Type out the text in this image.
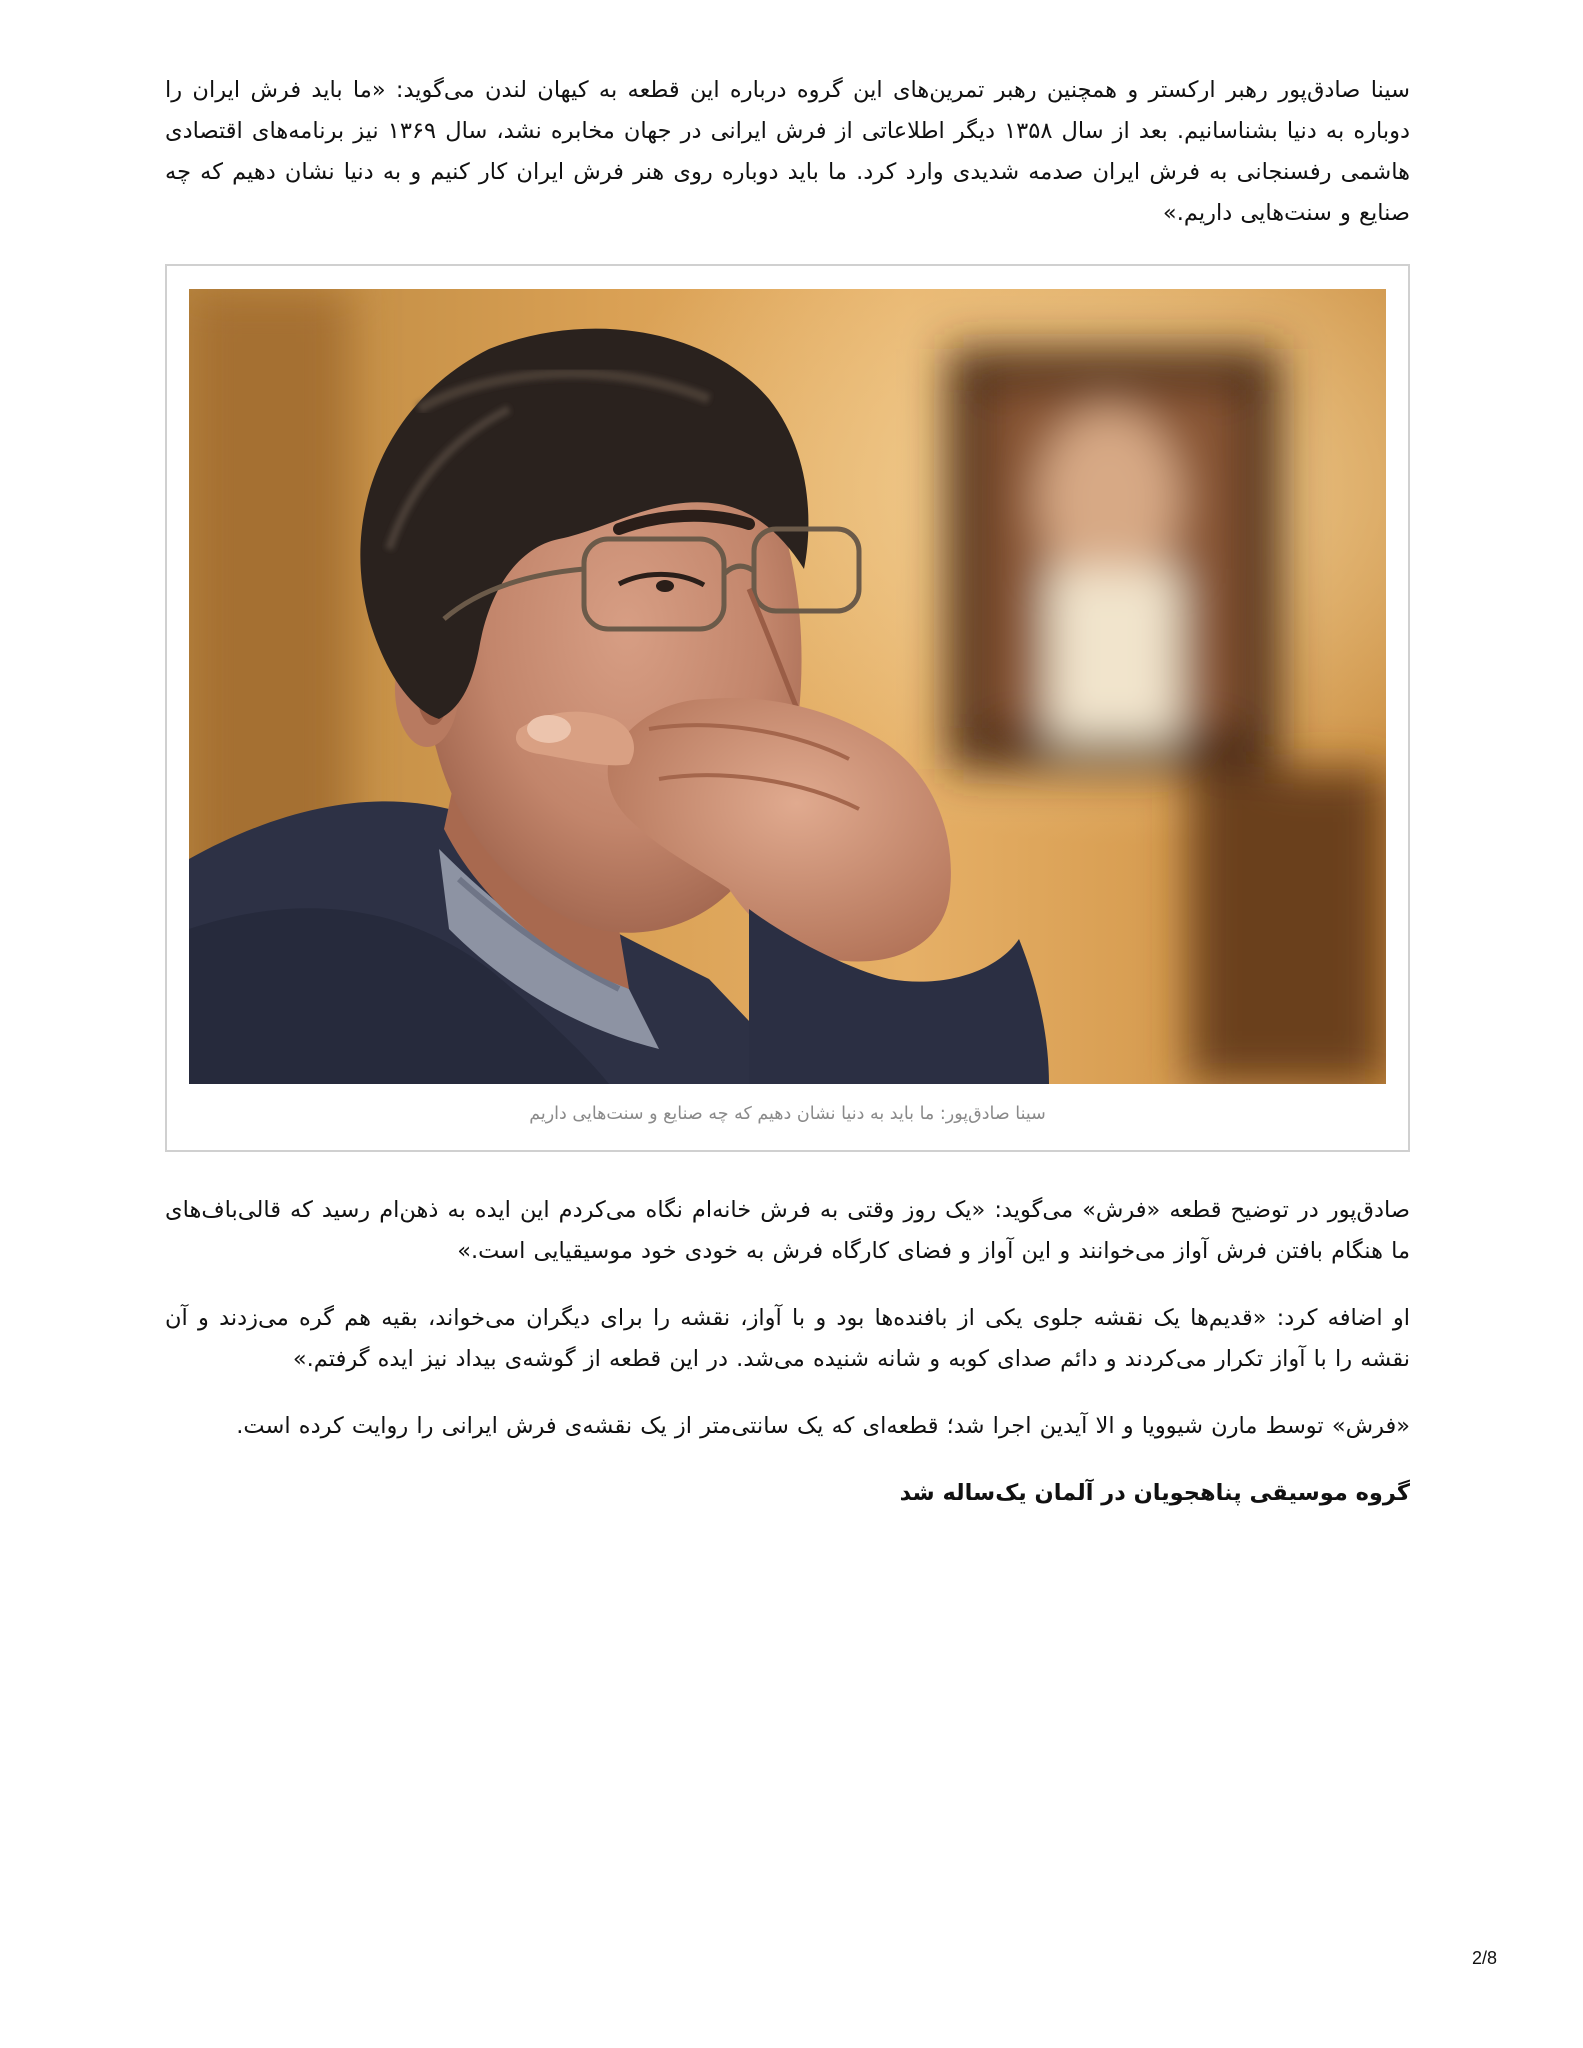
سینا صادق‌پور رهبر ارکستر و همچنین رهبر تمرین‌های این گروه درباره این قطعه به کیهان لندن می‌گوید: «ما باید فرش ایران را دوباره به دنیا بشناسانیم. بعد از سال ۱۳۵۸ دیگر اطلاعاتی از فرش ایرانی در جهان مخابره نشد، سال ۱۳۶۹ نیز برنامه‌های اقتصادی هاشمی رفسنجانی به فرش ایران صدمه شدیدی وارد کرد. ما باید دوباره روی هنر فرش ایران کار کنیم و به دنیا نشان دهیم که چه صنایع و سنت‌هایی داریم.»

سینا صادق‌پور: ما باید به دنیا نشان دهیم که چه صنایع و سنت‌هایی داریم

صادق‌پور در توضیح قطعه «فرش» می‌گوید: «یک روز وقتی به فرش خانه‌ام نگاه می‌کردم این ایده به ذهن‌ام رسید که قالی‌باف‌های ما هنگام بافتن فرش آواز می‌خوانند و این آواز و فضای کارگاه فرش به خودی خود موسیقیایی است.»

او اضافه کرد: «قدیم‌ها یک نقشه جلوی یکی از بافنده‌ها بود و با آواز، نقشه را برای دیگران می‌خواند، بقیه هم گره می‌زدند و آن نقشه را با آواز تکرار می‌کردند و دائم صدای کوبه و شانه شنیده می‌شد. در این قطعه از گوشه‌ی بیداد نیز ایده گرفتم.»

«فرش» توسط مارن شیوویا و الا آیدین اجرا شد؛ قطعه‌ای که یک سانتی‌متر از یک نقشه‌ی فرش ایرانی را روایت کرده است.

گروه موسیقی پناهجویان در آلمان یک‌ساله شد
2/8
